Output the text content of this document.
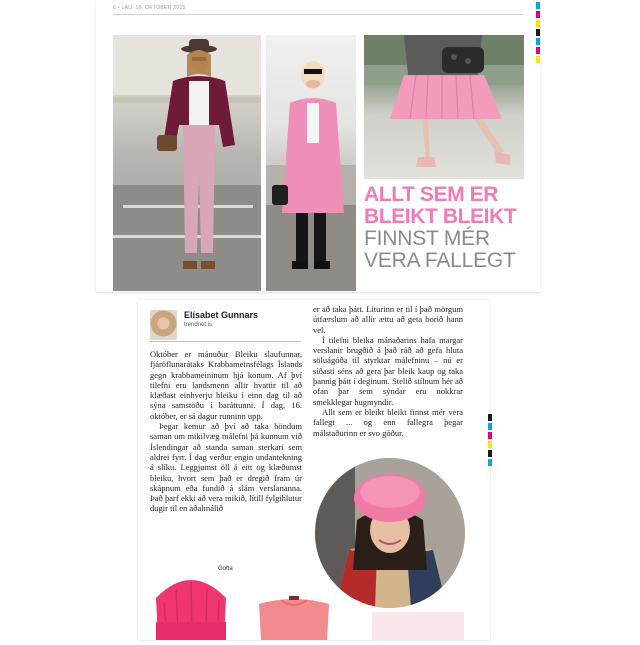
6 • LAU. 16. OKTÓBER 2015
ALLT SEM ER
BLEIKT BLEIKT
FINNST MÉR
VERA FALLEGT
Elísabet Gunnars
trendnet.is

Október er mánuður Bleiku slaufunnar, fjáröflunarátaks Krabbameinsfélags Íslands gegn krabbameininum hjá konum. Af því tilefni eru landsmenn allir hvattir til að klæðast einhverju bleiku í einn dag til að sýna samstöðu í baráttunni. Í dag, 16. október, er sá dagur runninn upp.

Þegar kemur að því að taka höndum saman um mikilvæg málefni þá kunnum við Íslendingar að standa saman sterkari sem aldrei fyrr. Í dag verður engin undantekning á slíku. Leggjumst öll á eitt og klæðumst bleiku, hvort sem það er dregið fram úr skápnum eða fundið á slám verslananna. Það þarf ekki að vera mikið, lítill fylgihlutur dugir til en aðalmálið

er að taka þátt. Liturinn er til í það mörgum útfærslum að allir ættu að geta borið hann vel.

Í tilefni bleika mánaðarins hafa margar verslanir brugðið á það ráð að gefa hluta söluágóða til styrktar málefninu – nú er síðasti séns að gera þar bleik kaup og taka þannig þátt í deginum. Stelið stílnum hér að ofan þar sem sýndar eru nokkrar smekklegar hugmyndir.

Allt sem er bleikt bleikt finnst mér vera fallegt ... og enn fallegra þegar málstaðurinn er svo góður.

Gotta
